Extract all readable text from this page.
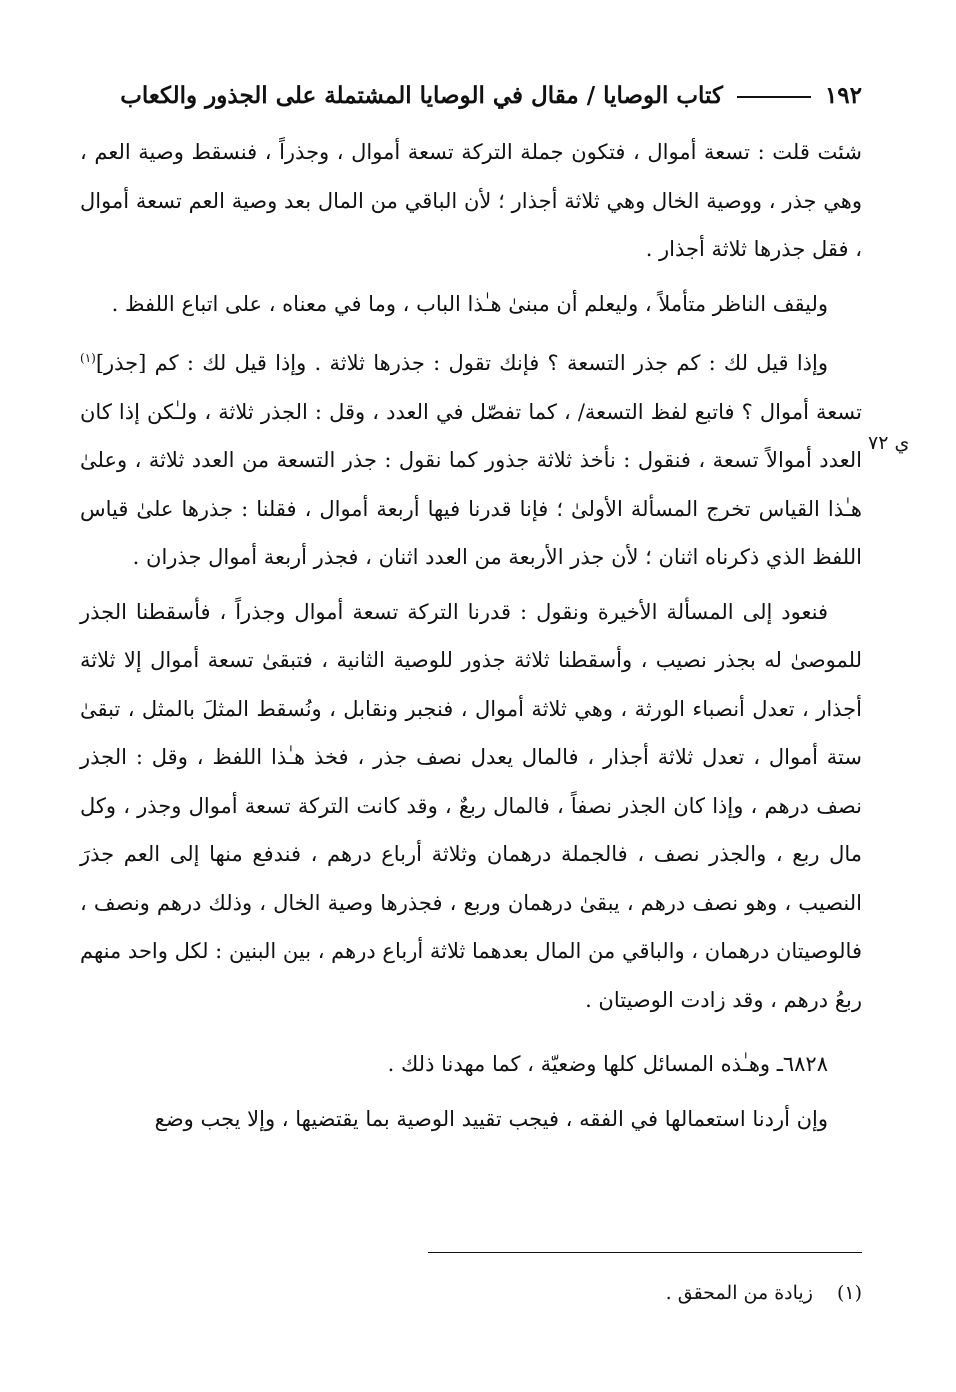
١٩٢  كتاب الوصايا / مقال في الوصايا المشتملة على الجذور والكعاب

شئت قلت : تسعة أموال ، فتكون جملة التركة تسعة أموال ، وجذراً ، فنسقط وصية العم ، وهي جذر ، ووصية الخال وهي ثلاثة أجذار ؛ لأن الباقي من المال بعد وصية العم تسعة أموال ، فقل جذرها ثلاثة أجذار .

وليقف الناظر متأملاً ، وليعلم أن مبنىٰ هـٰذا الباب ، وما في معناه ، على اتباع اللفظ .

وإذا قيل لك : كم جذر التسعة ؟ فإنك تقول : جذرها ثلاثة . وإذا قيل لك : كم [جذر]$^{(١)}$ تسعة أموال ؟ فاتبع لفظ التسعة/ ، كما تفصّل في العدد ، وقل : الجذر ثلاثة ، ولـٰكن إذا كان العدد أموالاً تسعة ، فنقول : نأخذ ثلاثة جذور كما نقول : جذر التسعة من العدد ثلاثة ، وعلىٰ هـٰذا القياس تخرج المسألة الأولىٰ ؛ فإنا قدرنا فيها أربعة أموال ، فقلنا : جذرها علىٰ قياس اللفظ الذي ذكرناه اثنان ؛ لأن جذر الأربعة من العدد اثنان ، فجذر أربعة أموال جذران .

فنعود إلى المسألة الأخيرة ونقول : قدرنا التركة تسعة أموال وجذراً ، فأسقطنا الجذر للموصىٰ له بجذر نصيب ، وأسقطنا ثلاثة جذور للوصية الثانية ، فتبقىٰ تسعة أموال إلا ثلاثة أجذار ، تعدل أنصباء الورثة ، وهي ثلاثة أموال ، فنجبر ونقابل ، ونُسقط المثلَ بالمثل ، تبقىٰ ستة أموال ، تعدل ثلاثة أجذار ، فالمال يعدل نصف جذر ، فخذ هـٰذا اللفظ ، وقل : الجذر نصف درهم ، وإذا كان الجذر نصفاً ، فالمال ربعٌ ، وقد كانت التركة تسعة أموال وجذر ، وكل مال ربع ، والجذر نصف ، فالجملة درهمان وثلاثة أرباع درهم ، فندفع منها إلى العم جذرَ النصيب ، وهو نصف درهم ، يبقىٰ درهمان وربع ، فجذرها وصية الخال ، وذلك درهم ونصف ، فالوصيتان درهمان ، والباقي من المال بعدهما ثلاثة أرباع درهم ، بين البنين : لكل واحد منهم ربعُ درهم ، وقد زادت الوصيتان .

٦٨٢٨ـ وهـٰذه المسائل كلها وضعيّة ، كما مهدنا ذلك .

وإن أردنا استعمالها في الفقه ، فيجب تقييد الوصية بما يقتضيها ، وإلا يجب وضع

ي ٧٢
(١) زيادة من المحقق .
